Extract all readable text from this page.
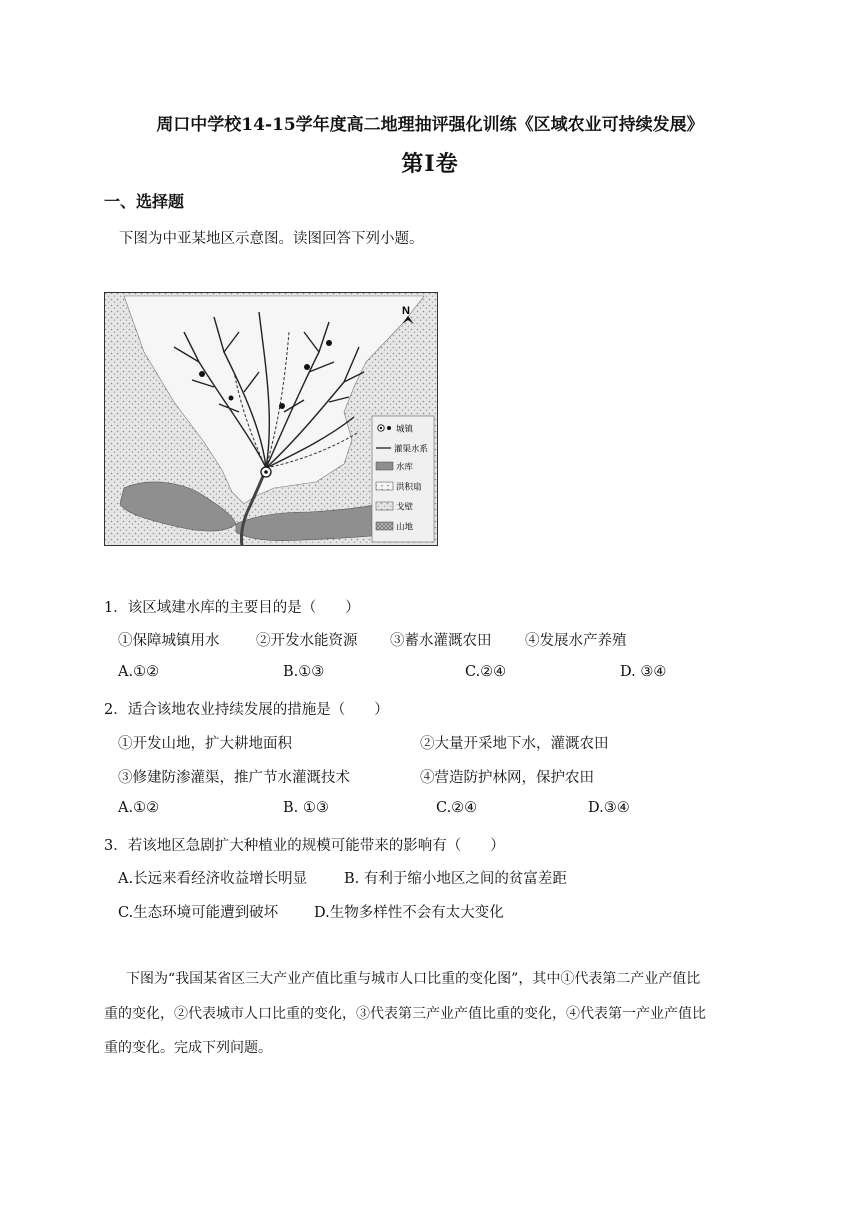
周口中学校14-15学年度高二地理抽评强化训练《区域农业可持续发展》
第Ⅰ卷
一、选择题
下图为中亚某地区示意图。读图回答下列小题。
N
城镇
灌渠水系
水库
洪积扇
戈壁
山地
1．该区域建水库的主要目的是（　　）
①保障城镇用水	②开发水能资源 ③蓄水灌溉农田 ④发展水产养殖
A.①②	B.①③	C.②④	D. ③④
2．适合该地农业持续发展的措施是（　　）
①开发山地，扩大耕地面积	②大量开采地下水，灌溉农田
③修建防渗灌渠，推广节水灌溉技术	④营造防护林网，保护农田
A.①②	B. ①③	C.②④	D.③④
3．若该地区急剧扩大种植业的规模可能带来的影响有（　　）
A.长远来看经济收益增长明显	B. 有利于缩小地区之间的贫富差距
C.生态环境可能遭到破坏 D.生物多样性不会有太大变化
下图为“我国某省区三大产业产值比重与城市人口比重的变化图”，其中①代表第二产业产值比
重的变化，②代表城市人口比重的变化，③代表第三产业产值比重的变化，④代表第一产业产值比
重的变化。完成下列问题。
